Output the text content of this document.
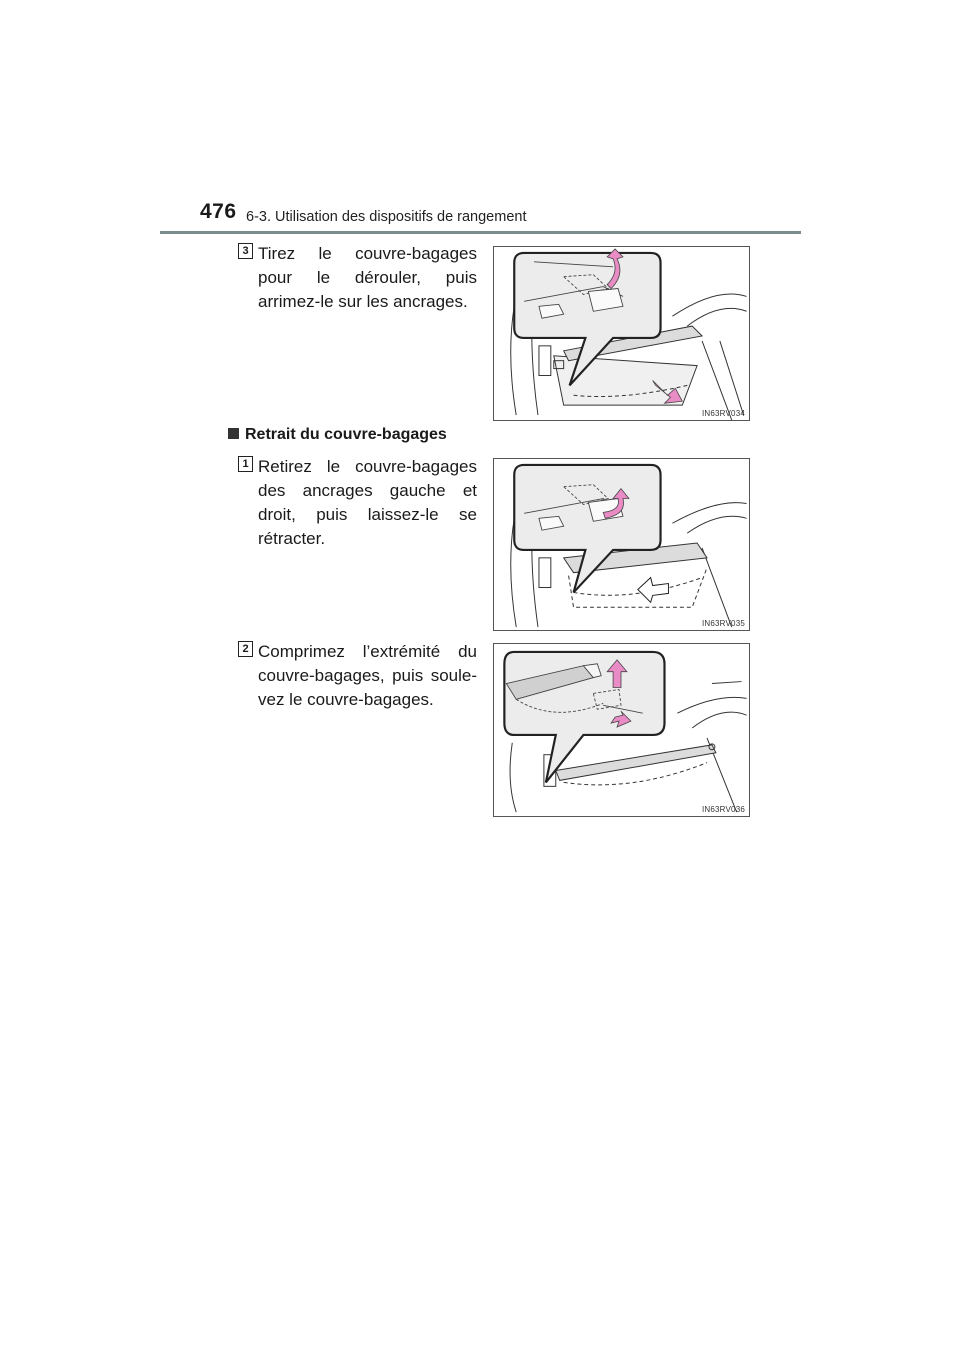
476 6-3. Utilisation des dispositifs de rangement
3 Tirez le couvre-bagages pour le dérouler, puis arrimez-le sur les ancrages.
IN63RV034
Retrait du couvre-bagages
1 Retirez le couvre-bagages des ancrages gauche et droit, puis laissez-le se rétracter.
IN63RV035
2 Comprimez l’extrémité du couvre-bagages, puis soule-vez le couvre-bagages.
IN63RV036
